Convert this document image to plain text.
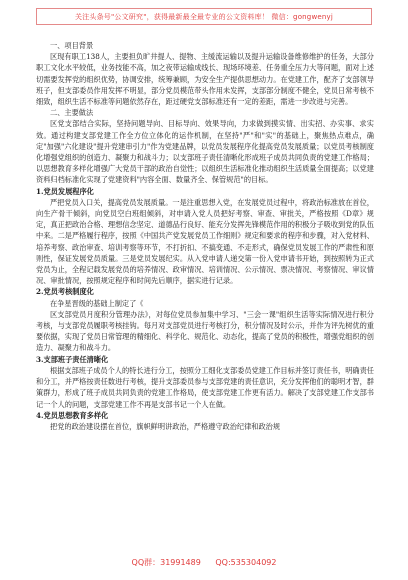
关注头条号"公文研究"，获得最新最全最专业的公文资料库！ 微信：gongwenyj

一、项目背景

区现有职工138人，主要担负旷井提人、提物、主缓流运输以及提升运输设备维修维护的任务，大部分职工文化水平较低，业务技能不高，加之夜带运输成线长、现场环境差、任务重全压力大等问题，面对上述切需要发挥党的组织优势，协调安排，统筹兼顾，为安全生产提供思想动力。在党建工作，配齐了支部领导班子，但支部委员作用发挥不明显，部分党员模范带头作用未发挥，支部部分制度不健全，党员日常考核不细致，组织生活不标准等问题依然存在，距过硬党支部标准还有一定的差距，需进一步改进与完善。

二、主要做法

区党支部结合实际，坚持问题导向、目标导向、效果导向，力求做到摸实情、出实招、办实事、求实效。通过构建支部党建工作全方位立体化的运作机制，在坚持"严"和"实"的基础上，聚焦热点难点，确定"加强"六化建设"提升党建串引力"作为党建品牌，以党员发展程序化提高党员发展质量；以党员考核制度化增强党组织的创造力、凝聚力和战斗力；以支部班子责任清晰化形成班子成员共同负责的党建工作格局；以思想教育多样化增强广大党员干部的政治自觉性；以组织生活标准化推动组织生活质量全面提高；以党建资料归档标准化实现了党建资料"内容全面、数量齐全、保管规范"的目标。

1.党员发展程序化

严把党员入口关，提高党员发展质量。一是注重思想入党，在发展党员过程中，将政治标准放在首位，向生产骨干倾斜，向党员空白班组倾斜，对申请入党人员把好考察、审查、审批关，严格按照《D章》规定，真正把政治合格、理想信念坚定、道德品行良好、能充分发挥先锋模范作用的积极分子吸收到党的队伍中来。二是严格履行程序，按照《中国共产党发展党员工作细则》规定和要求的程序和步骤，对入党材料、培养考察、政治审查、培训考察等环节，不打折扣、不搞变通、不走形式，确保党员发展工作的严肃性和原则性，保证发展党员质量。三是党员发展纪实。从入党申请人递交第一份入党申请书开始，到按照转为正式党员为止，全程记载发展党员的培养情况、政审情况、培训情况、公示情况、票决情况、考察情况、审议情况、审批情况，按照规定程序和时间先后顺序，据实进行记录。

2.党员考核制度化

在争星晋级的基础上制定了《

区支部党员月度积分管理办法》，对每位党员参加集中学习、"三会一课"组织生活等实际情况进行积分考核，与支部党员履职考核挂钩。每月对支部党员进行考核打分，积分情况及时公示，并作为评先树优的重要依据，实现了党员日常管理的精细化、科学化、规范化、动态化，提高了党员的积极性，增强党组织的创造力、凝聚力和战斗力。

3.支部班子责任清晰化

根据支部班子成员个人的特长进行分工，按照分工细化支部委员党建工作目标并签订责任书，明确责任和分工，并严格按责任数进行考核，提升支部委员参与支部党建的责任意识，充分发挥他们的聪明才智，群策群力，形成了班子成员共同负责的党建工作格局，使支部党建工作更有活力。解决了支部党建工作支部书记一个人的问题，支部党建工作不再是支部书记一个人在做。

4.党员思想教育多样化

把党的政治建设摆在首位，旗帜鲜明讲政治，严格遵守政治纪律和政治规

QQ群：31991489 QQ:535304092
